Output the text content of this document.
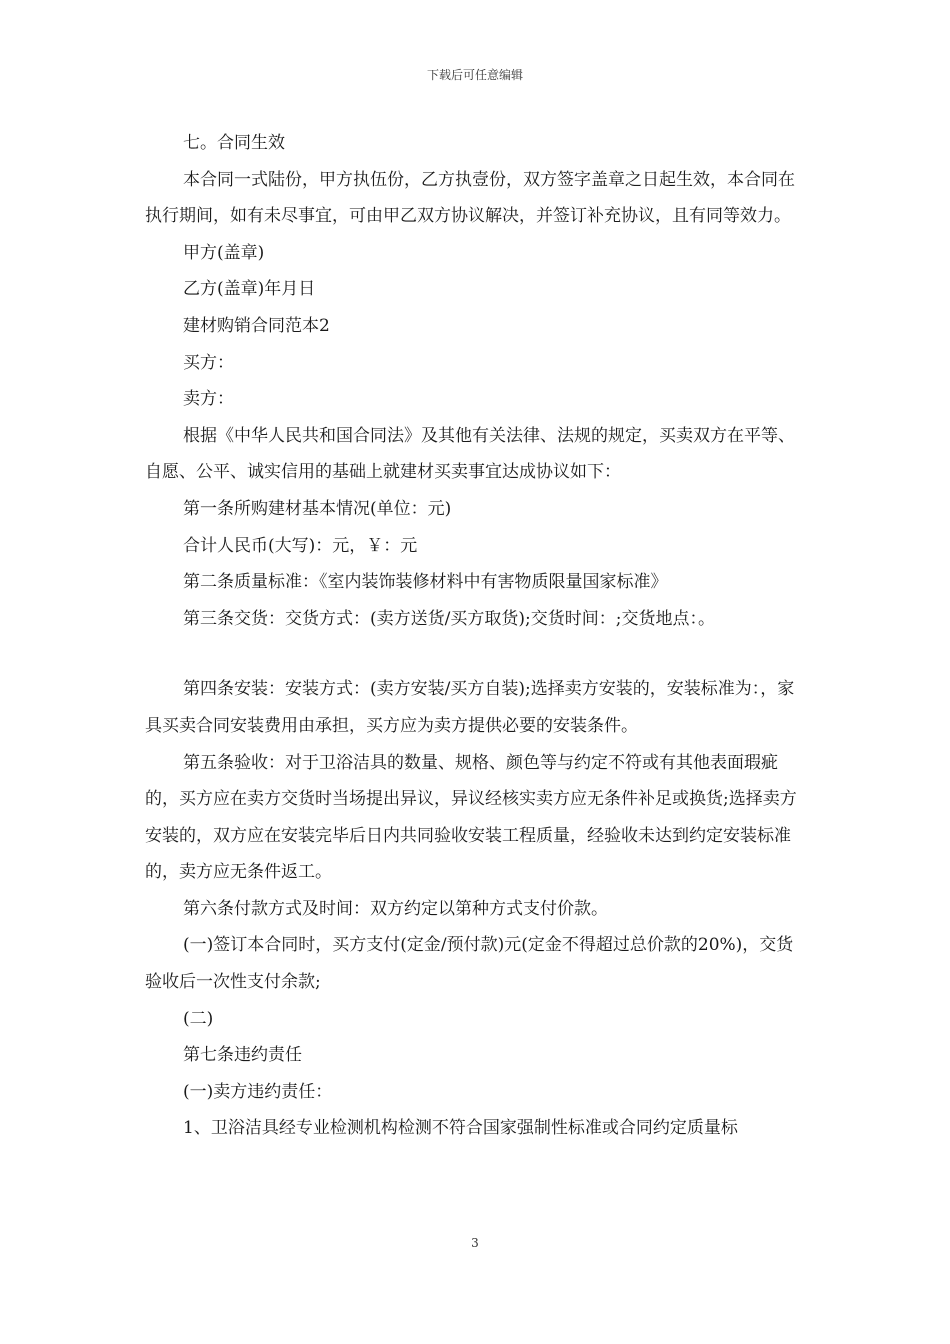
下载后可任意编辑

七。合同生效

本合同一式陆份，甲方执伍份，乙方执壹份，双方签字盖章之日起生效，本合同在执行期间，如有未尽事宜，可由甲乙双方协议解决，并签订补充协议，且有同等效力。

甲方(盖章)

乙方(盖章)年月日

建材购销合同范本2

买方：

卖方：

根据《中华人民共和国合同法》及其他有关法律、法规的规定，买卖双方在平等、自愿、公平、诚实信用的基础上就建材买卖事宜达成协议如下：

第一条所购建材基本情况(单位：元)

合计人民币(大写)：元，￥：元

第二条质量标准：《室内装饰装修材料中有害物质限量国家标准》

第三条交货：交货方式：(卖方送货/买方取货);交货时间：;交货地点：。

第四条安装：安装方式：(卖方安装/买方自装);选择卖方安装的，安装标准为：，家具买卖合同安装费用由承担，买方应为卖方提供必要的安装条件。

第五条验收：对于卫浴洁具的数量、规格、颜色等与约定不符或有其他表面瑕疵的，买方应在卖方交货时当场提出异议，异议经核实卖方应无条件补足或换货;选择卖方安装的，双方应在安装完毕后日内共同验收安装工程质量，经验收未达到约定安装标准的，卖方应无条件返工。

第六条付款方式及时间：双方约定以第种方式支付价款。

(一)签订本合同时，买方支付(定金/预付款)元(定金不得超过总价款的20%)，交货验收后一次性支付余款;

(二)

第七条违约责任

(一)卖方违约责任：

1、卫浴洁具经专业检测机构检测不符合国家强制性标准或合同约定质量标

3
